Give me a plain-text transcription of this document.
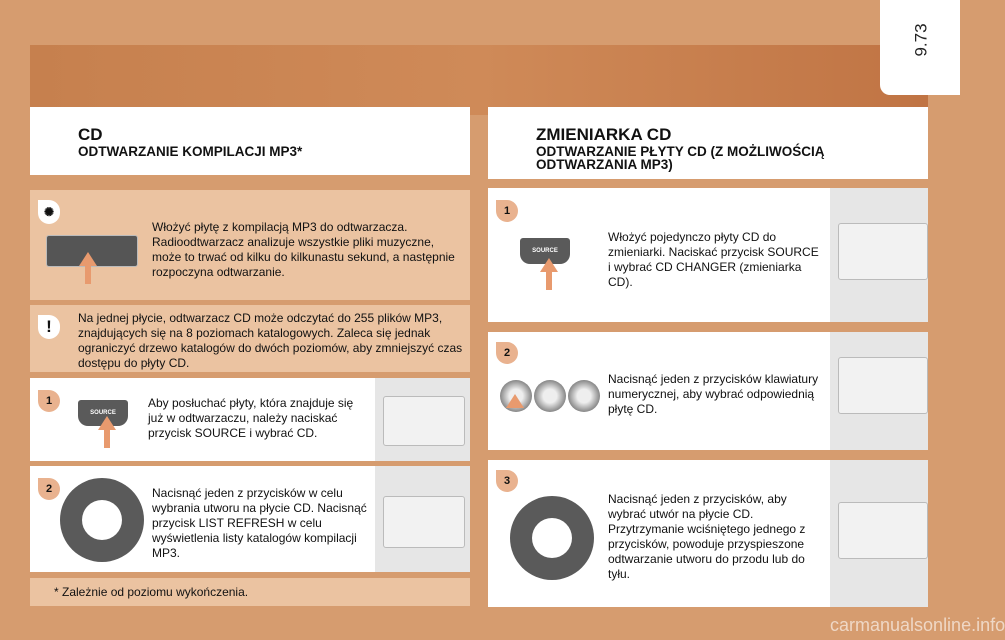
9.73
CD
ODTWARZANIE KOMPILACJI MP3*
ZMIENIARKA CD
ODTWARZANIE PŁYTY CD (Z MOŻLIWOŚCIĄ ODTWARZANIA MP3)
✺
Włożyć płytę z kompilacją MP3 do odtwarzacza. Radioodtwarzacz analizuje wszystkie pliki muzyczne, może to trwać od kilku do kilkunastu sekund, a następnie rozpoczyna odtwarzanie.
!	Na jednej płycie, odtwarzacz CD może odczytać do 255 plików MP3, znajdujących się na 8 poziomach katalogowych. Zaleca się jednak ograniczyć drzewo katalogów do dwóch poziomów, aby zmniejszyć czas dostępu do płyty CD.
1
SOURCE
Aby posłuchać płyty, która znajduje się już w odtwarzaczu, należy naciskać przycisk SOURCE i wybrać CD.
2	Nacisnąć jeden z przycisków w celu wybrania utworu na płycie CD. Nacisnąć przycisk LIST REFRESH w celu wyświetlenia listy katalogów kompilacji MP3.
* Zależnie od poziomu wykończenia.
1
SOURCE
Włożyć pojedynczo płyty CD do zmieniarki. Naciskać przycisk SOURCE i wybrać CD CHANGER (zmieniarka CD).
2
Nacisnąć jeden z przycisków klawiatury numerycznej, aby wybrać odpowiednią płytę CD.
3
Nacisnąć jeden z przycisków, aby wybrać utwór na płycie CD. Przytrzymanie wciśniętego jednego z przycisków, powoduje przyspieszone odtwarzanie utworu do przodu lub do tyłu.
carmanualsonline.info
